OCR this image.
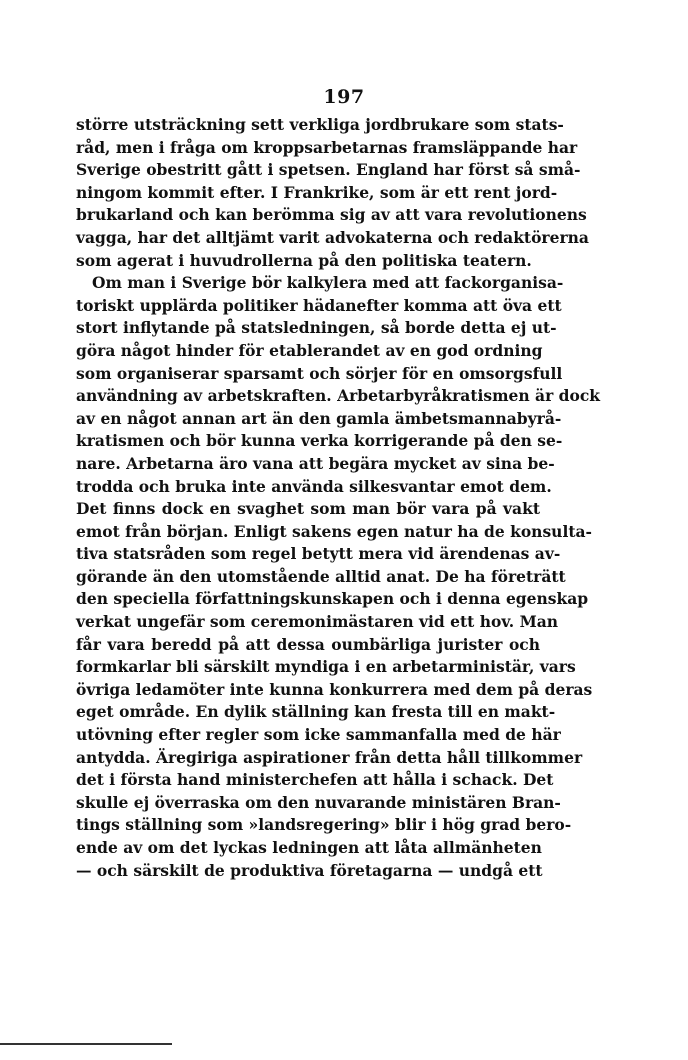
197
större utsträckning sett verkliga jordbrukare som stats-
råd, men i fråga om kroppsarbetarnas framsläppande har
Sverige obestritt gått i spetsen. England har först så små-
ningom kommit efter. I Frankrike, som är ett rent jord-
brukarland och kan berömma sig av att vara revolutionens
vagga, har det alltjämt varit advokaterna och redaktörerna
som agerat i huvudrollerna på den politiska teatern.
Om man i Sverige bör kalkylera med att fackorganisa-
toriskt upplärda politiker hädanefter komma att öva ett
stort inflytande på statsledningen, så borde detta ej ut-
göra något hinder för etablerandet av en god ordning
som organiserar sparsamt och sörjer för en omsorgsfull
användning av arbetskraften. Arbetarbyråkratismen är dock
av en något annan art än den gamla ämbetsmannabyrå-
kratismen och bör kunna verka korrigerande på den se-
nare. Arbetarna äro vana att begära mycket av sina be-
trodda och bruka inte använda silkesvantar emot dem.
Det finns dock en svaghet som man bör vara på vakt
emot från början. Enligt sakens egen natur ha de konsulta-
tiva statsråden som regel betytt mera vid ärendenas av-
görande än den utomstående alltid anat. De ha företrätt
den speciella författningskunskapen och i denna egenskap
verkat ungefär som ceremonimästaren vid ett hov. Man
får vara beredd på att dessa oumbärliga jurister och
formkarlar bli särskilt myndiga i en arbetarministär, vars
övriga ledamöter inte kunna konkurrera med dem på deras
eget område. En dylik ställning kan fresta till en makt-
utövning efter regler som icke sammanfalla med de här
antydda. Äregiriga aspirationer från detta håll tillkommer
det i första hand ministerchefen att hålla i schack. Det
skulle ej överraska om den nuvarande ministären Bran-
tings ställning som »landsregering» blir i hög grad bero-
ende av om det lyckas ledningen att låta allmänheten
— och särskilt de produktiva företagarna — undgå ett
